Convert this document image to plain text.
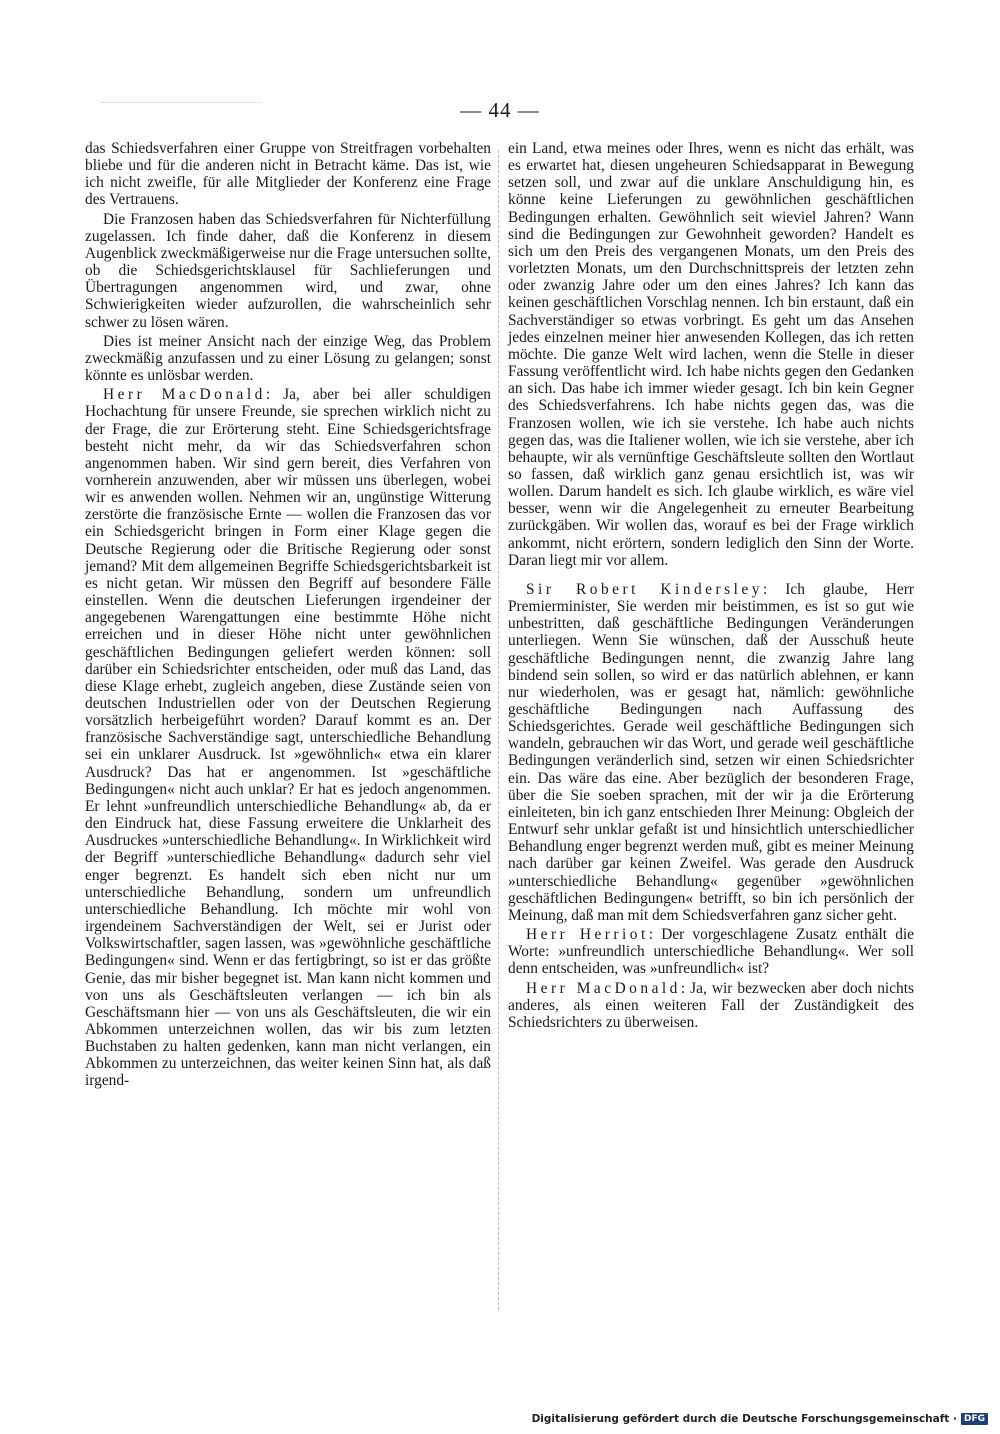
— 44 —

das Schiedsverfahren einer Gruppe von Streitfragen vorbehalten bliebe und für die anderen nicht in Betracht käme. Das ist, wie ich nicht zweifle, für alle Mitglieder der Konferenz eine Frage des Vertrauens.

Die Franzosen haben das Schiedsverfahren für Nichterfüllung zugelassen. Ich finde daher, daß die Konferenz in diesem Augenblick zweckmäßigerweise nur die Frage untersuchen sollte, ob die Schiedsgerichtsklausel für Sachlieferungen und Übertragungen angenommen wird, und zwar, ohne Schwierigkeiten wieder aufzurollen, die wahrscheinlich sehr schwer zu lösen wären.

Dies ist meiner Ansicht nach der einzige Weg, das Problem zweckmäßig anzufassen und zu einer Lösung zu gelangen; sonst könnte es unlösbar werden.

Herr MacDonald: Ja, aber bei aller schuldigen Hochachtung für unsere Freunde, sie sprechen wirklich nicht zu der Frage, die zur Erörterung steht. Eine Schiedsgerichtsfrage besteht nicht mehr, da wir das Schiedsverfahren schon angenommen haben. Wir sind gern bereit, dies Verfahren von vornherein anzuwenden, aber wir müssen uns überlegen, wobei wir es anwenden wollen. Nehmen wir an, ungünstige Witterung zerstörte die französische Ernte — wollen die Franzosen das vor ein Schiedsgericht bringen in Form einer Klage gegen die Deutsche Regierung oder die Britische Regierung oder sonst jemand? Mit dem allgemeinen Begriffe Schiedsgerichtsbarkeit ist es nicht getan. Wir müssen den Begriff auf besondere Fälle einstellen. Wenn die deutschen Lieferungen irgendeiner der angegebenen Warengattungen eine bestimmte Höhe nicht erreichen und in dieser Höhe nicht unter gewöhnlichen geschäftlichen Bedingungen geliefert werden können: soll darüber ein Schiedsrichter entscheiden, oder muß das Land, das diese Klage erhebt, zugleich angeben, diese Zustände seien von deutschen Industriellen oder von der Deutschen Regierung vorsätzlich herbeigeführt worden? Darauf kommt es an. Der französische Sachverständige sagt, unterschiedliche Behandlung sei ein unklarer Ausdruck. Ist »gewöhnlich« etwa ein klarer Ausdruck? Das hat er angenommen. Ist »geschäftliche Bedingungen« nicht auch unklar? Er hat es jedoch angenommen. Er lehnt »unfreundlich unterschiedliche Behandlung« ab, da er den Eindruck hat, diese Fassung erweitere die Unklarheit des Ausdruckes »unterschiedliche Behandlung«. In Wirklichkeit wird der Begriff »unterschiedliche Behandlung« dadurch sehr viel enger begrenzt. Es handelt sich eben nicht nur um unterschiedliche Behandlung, sondern um unfreundlich unterschiedliche Behandlung. Ich möchte mir wohl von irgendeinem Sachverständigen der Welt, sei er Jurist oder Volkswirtschaftler, sagen lassen, was »gewöhnliche geschäftliche Bedingungen« sind. Wenn er das fertigbringt, so ist er das größte Genie, das mir bisher begegnet ist. Man kann nicht kommen und von uns als Geschäftsleuten verlangen — ich bin als Geschäftsmann hier — von uns als Geschäftsleuten, die wir ein Abkommen unterzeichnen wollen, das wir bis zum letzten Buchstaben zu halten gedenken, kann man nicht verlangen, ein Abkommen zu unterzeichnen, das weiter keinen Sinn hat, als daß irgend-

ein Land, etwa meines oder Ihres, wenn es nicht das erhält, was es erwartet hat, diesen ungeheuren Schiedsapparat in Bewegung setzen soll, und zwar auf die unklare Anschuldigung hin, es könne keine Lieferungen zu gewöhnlichen geschäftlichen Bedingungen erhalten. Gewöhnlich seit wieviel Jahren? Wann sind die Bedingungen zur Gewohnheit geworden? Handelt es sich um den Preis des vergangenen Monats, um den Preis des vorletzten Monats, um den Durchschnittspreis der letzten zehn oder zwanzig Jahre oder um den eines Jahres? Ich kann das keinen geschäftlichen Vorschlag nennen. Ich bin erstaunt, daß ein Sachverständiger so etwas vorbringt. Es geht um das Ansehen jedes einzelnen meiner hier anwesenden Kollegen, das ich retten möchte. Die ganze Welt wird lachen, wenn die Stelle in dieser Fassung veröffentlicht wird. Ich habe nichts gegen den Gedanken an sich. Das habe ich immer wieder gesagt. Ich bin kein Gegner des Schiedsverfahrens. Ich habe nichts gegen das, was die Franzosen wollen, wie ich sie verstehe. Ich habe auch nichts gegen das, was die Italiener wollen, wie ich sie verstehe, aber ich behaupte, wir als vernünftige Geschäftsleute sollten den Wortlaut so fassen, daß wirklich ganz genau ersichtlich ist, was wir wollen. Darum handelt es sich. Ich glaube wirklich, es wäre viel besser, wenn wir die Angelegenheit zu erneuter Bearbeitung zurückgäben. Wir wollen das, worauf es bei der Frage wirklich ankommt, nicht erörtern, sondern lediglich den Sinn der Worte. Daran liegt mir vor allem.

Sir Robert Kindersley: Ich glaube, Herr Premierminister, Sie werden mir beistimmen, es ist so gut wie unbestritten, daß geschäftliche Bedingungen Veränderungen unterliegen. Wenn Sie wünschen, daß der Ausschuß heute geschäftliche Bedingungen nennt, die zwanzig Jahre lang bindend sein sollen, so wird er das natürlich ablehnen, er kann nur wiederholen, was er gesagt hat, nämlich: gewöhnliche geschäftliche Bedingungen nach Auffassung des Schiedsgerichtes. Gerade weil geschäftliche Bedingungen sich wandeln, gebrauchen wir das Wort, und gerade weil geschäftliche Bedingungen veränderlich sind, setzen wir einen Schiedsrichter ein. Das wäre das eine. Aber bezüglich der besonderen Frage, über die Sie soeben sprachen, mit der wir ja die Erörterung einleiteten, bin ich ganz entschieden Ihrer Meinung: Obgleich der Entwurf sehr unklar gefaßt ist und hinsichtlich unterschiedlicher Behandlung enger begrenzt werden muß, gibt es meiner Meinung nach darüber gar keinen Zweifel. Was gerade den Ausdruck »unterschiedliche Behandlung« gegenüber »gewöhnlichen geschäftlichen Bedingungen« betrifft, so bin ich persönlich der Meinung, daß man mit dem Schiedsverfahren ganz sicher geht.

Herr Herriot: Der vorgeschlagene Zusatz enthält die Worte: »unfreundlich unterschiedliche Behandlung«. Wer soll denn entscheiden, was »unfreundlich« ist?

Herr MacDonald: Ja, wir bezwecken aber doch nichts anderes, als einen weiteren Fall der Zuständigkeit des Schiedsrichters zu überweisen.

Digitalisierung gefördert durch die Deutsche Forschungsgemeinschaft · DFG
